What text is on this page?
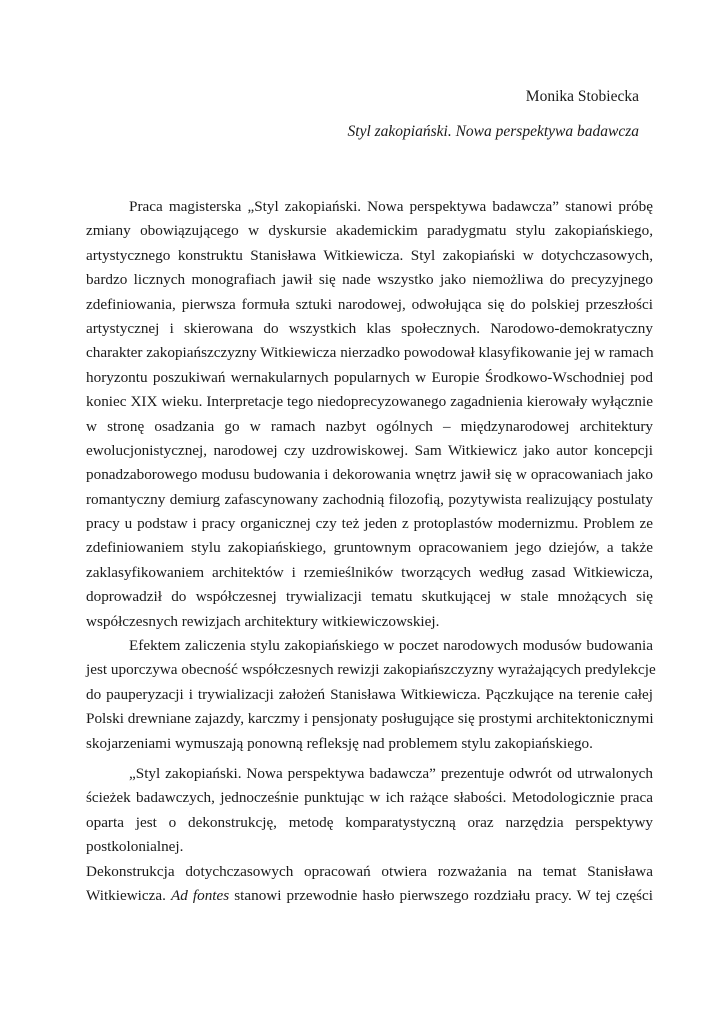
Monika Stobiecka
Styl zakopiański. Nowa perspektywa badawcza
Praca magisterska „Styl zakopiański. Nowa perspektywa badawcza” stanowi próbę
zmiany obowiązującego w dyskursie akademickim paradygmatu stylu zakopiańskiego,
artystycznego konstruktu Stanisława Witkiewicza. Styl zakopiański w dotychczasowych,
bardzo licznych monografiach jawił się nade wszystko jako niemożliwa do precyzyjnego
zdefiniowania, pierwsza formuła sztuki narodowej, odwołująca się do polskiej przeszłości
artystycznej i skierowana do wszystkich klas społecznych. Narodowo-demokratyczny
charakter zakopiańszczyzny Witkiewicza nierzadko powodował klasyfikowanie jej w ramach
horyzontu poszukiwań wernakularnych popularnych w Europie Środkowo-Wschodniej pod
koniec XIX wieku. Interpretacje tego niedoprecyzowanego zagadnienia kierowały wyłącznie
w stronę osadzania go w ramach nazbyt ogólnych – międzynarodowej architektury
ewolucjonistycznej, narodowej czy uzdrowiskowej. Sam Witkiewicz jako autor koncepcji
ponadzaborowego modusu budowania i dekorowania wnętrz jawił się w opracowaniach jako
romantyczny demiurg zafascynowany zachodnią filozofią, pozytywista realizujący postulaty
pracy u podstaw i pracy organicznej czy też jeden z protoplastów modernizmu. Problem ze
zdefiniowaniem stylu zakopiańskiego, gruntownym opracowaniem jego dziejów, a także
zaklasyfikowaniem architektów i rzemieślników tworzących według zasad Witkiewicza,
doprowadził do współczesnej trywializacji tematu skutkującej w stale mnożących się
współczesnych rewizjach architektury witkiewiczowskiej.
Efektem zaliczenia stylu zakopiańskiego w poczet narodowych modusów budowania
jest uporczywa obecność współczesnych rewizji zakopiańszczyzny wyrażających predylekcje
do pauperyzacji i trywializacji założeń Stanisława Witkiewicza. Pączkujące na terenie całej
Polski drewniane zajazdy, karczmy i pensjonaty posługujące się prostymi architektonicznymi
skojarzeniami wymuszają ponowną refleksję nad problemem stylu zakopiańskiego.
„Styl zakopiański. Nowa perspektywa badawcza” prezentuje odwrót od utrwalonych
ścieżek badawczych, jednocześnie punktując w ich rażące słabości. Metodologicznie praca
oparta jest o dekonstrukcję, metodę komparatystyczną oraz narzędzia perspektywy
postkolonialnej.
Dekonstrukcja dotychczasowych opracowań otwiera rozważania na temat Stanisława
Witkiewicza. Ad fontes stanowi przewodnie hasło pierwszego rozdziału pracy. W tej części
